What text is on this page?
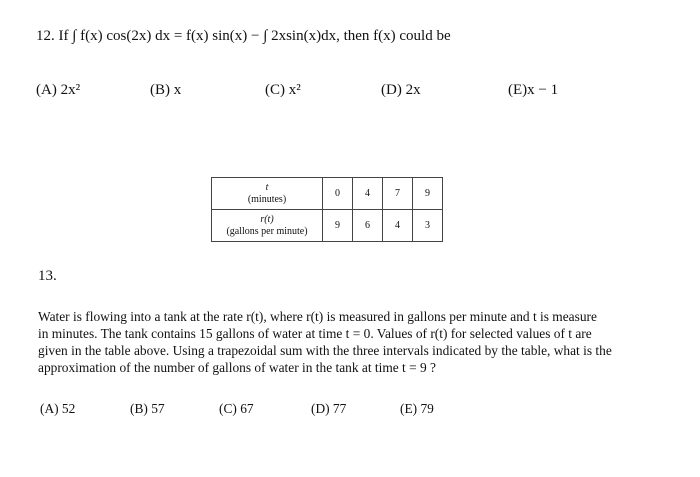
12. If ∫ f(x) cos(2x) dx = f(x) sin(x) − ∫ 2xsin(x)dx, then f(x) could be
(A) 2x²	(B) x	(C) x²	(D) 2x	(E)x − 1
t
(minutes)	0	4	7	9

r(t)
(gallons per minute)	9	6	4	3
13.
Water is flowing into a tank at the rate r(t), where r(t) is measured in gallons per minute and t is measure
in minutes. The tank contains 15 gallons of water at time t = 0. Values of r(t) for selected values of t are
given in the table above. Using a trapezoidal sum with the three intervals indicated by the table, what is the
approximation of the number of gallons of water in the tank at time t = 9 ?
(A) 52	(B) 57	(C) 67	(D) 77	(E) 79
